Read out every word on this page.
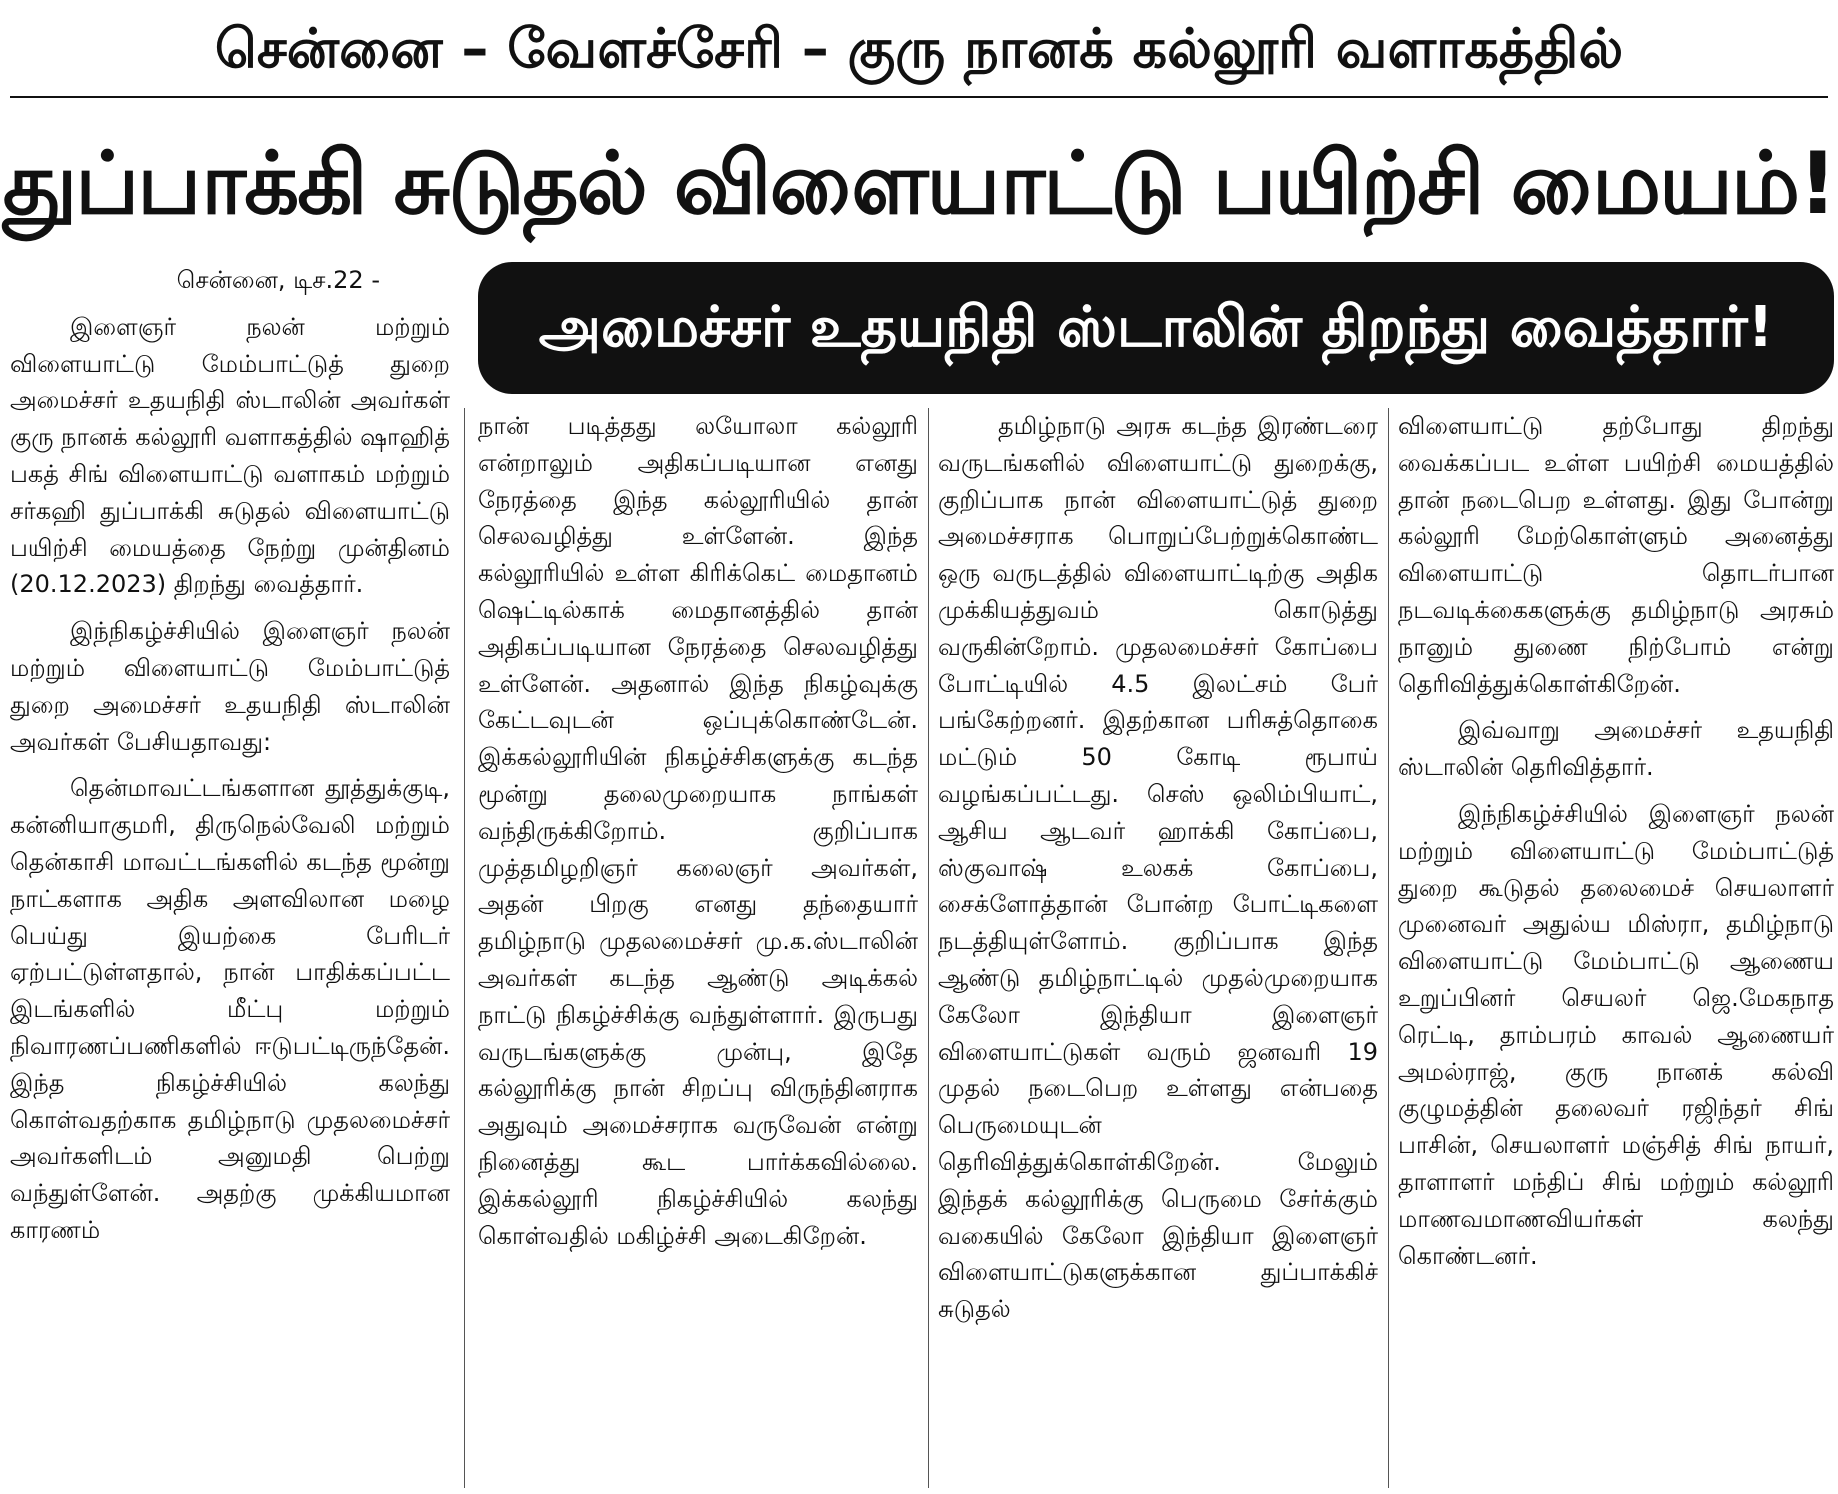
சென்னை – வேளச்சேரி – குரு நானக் கல்லூரி வளாகத்தில்
துப்பாக்கி சுடுதல் விளையாட்டு பயிற்சி மையம்!
அமைச்சர் உதயநிதி ஸ்டாலின் திறந்து வைத்தார்!

சென்னை, டிச.22 -

இளைஞர் நலன் மற்றும் விளையாட்டு மேம்பாட்டுத் துறை அமைச்சர் உதயநிதி ஸ்டாலின் அவர்கள் குரு நானக் கல்லூரி வளாகத்தில் ஷாஹித் பகத் சிங் விளையாட்டு வளாகம் மற்றும் சர்கஹி துப்பாக்கி சுடுதல் விளையாட்டு பயிற்சி மையத்தை நேற்று முன்தினம் (20.12.2023) திறந்து வைத்தார்.

இந்நிகழ்ச்சியில் இளைஞர் நலன் மற்றும் விளையாட்டு மேம்பாட்டுத் துறை அமைச்சர் உதயநிதி ஸ்டாலின் அவர்கள் பேசியதாவது:

தென்மாவட்டங்களான தூத்துக்குடி, கன்னியாகுமரி, திருநெல்வேலி மற்றும் தென்காசி மாவட்டங்களில் கடந்த மூன்று நாட்களாக அதிக அளவிலான மழை பெய்து இயற்கை பேரிடர் ஏற்பட்டுள்ளதால், நான் பாதிக்கப்பட்ட இடங்களில் மீட்பு மற்றும் நிவாரணப்பணிகளில் ஈடுபட்டிருந்தேன். இந்த நிகழ்ச்சியில் கலந்து கொள்வதற்காக தமிழ்நாடு முதலமைச்சர் அவர்களிடம் அனுமதி பெற்று வந்துள்ளேன். அதற்கு முக்கியமான காரணம்

நான் படித்தது லயோலா கல்லூரி என்றாலும் அதிகப்படியான எனது நேரத்தை இந்த கல்லூரியில் தான் செலவழித்து உள்ளேன். இந்த கல்லூரியில் உள்ள கிரிக்கெட் மைதானம் ஷெட்டில்காக் மைதானத்தில் தான் அதிகப்படியான நேரத்தை செலவழித்து உள்ளேன். அதனால் இந்த நிகழ்வுக்கு கேட்டவுடன் ஒப்புக்கொண்டேன். இக்கல்லூரியின் நிகழ்ச்சிகளுக்கு கடந்த மூன்று தலைமுறையாக நாங்கள் வந்திருக்கிறோம். குறிப்பாக முத்தமிழறிஞர் கலைஞர் அவர்கள், அதன் பிறகு எனது தந்தையார் தமிழ்நாடு முதலமைச்சர் மு.க.ஸ்டாலின் அவர்கள் கடந்த ஆண்டு அடிக்கல் நாட்டு நிகழ்ச்சிக்கு வந்துள்ளார். இருபது வருடங்களுக்கு முன்பு, இதே கல்லூரிக்கு நான் சிறப்பு விருந்தினராக அதுவும் அமைச்சராக வருவேன் என்று நினைத்து கூட பார்க்கவில்லை. இக்கல்லூரி நிகழ்ச்சியில் கலந்து கொள்வதில் மகிழ்ச்சி அடைகிறேன்.

தமிழ்நாடு அரசு கடந்த இரண்டரை வருடங்களில் விளையாட்டு துறைக்கு, குறிப்பாக நான் விளையாட்டுத் துறை அமைச்சராக பொறுப்பேற்றுக்கொண்ட ஒரு வருடத்தில் விளையாட்டிற்கு அதிக முக்கியத்துவம் கொடுத்து வருகின்றோம். முதலமைச்சர் கோப்பை போட்டியில் 4.5 இலட்சம் பேர் பங்கேற்றனர். இதற்கான பரிசுத்தொகை மட்டும் 50 கோடி ரூபாய் வழங்கப்பட்டது. செஸ் ஒலிம்பியாட், ஆசிய ஆடவர் ஹாக்கி கோப்பை, ஸ்குவாஷ் உலகக் கோப்பை, சைக்ளோத்தான் போன்ற போட்டிகளை நடத்தியுள்ளோம். குறிப்பாக இந்த ஆண்டு தமிழ்நாட்டில் முதல்முறையாக கேலோ இந்தியா இளைஞர் விளையாட்டுகள் வரும் ஜனவரி 19 முதல் நடைபெற உள்ளது என்பதை பெருமையுடன் தெரிவித்துக்கொள்கிறேன். மேலும் இந்தக் கல்லூரிக்கு பெருமை சேர்க்கும் வகையில் கேலோ இந்தியா இளைஞர் விளையாட்டுகளுக்கான துப்பாக்கிச் சுடுதல்

விளையாட்டு தற்போது திறந்து வைக்கப்பட உள்ள பயிற்சி மையத்தில் தான் நடைபெற உள்ளது. இது போன்று கல்லூரி மேற்கொள்ளும் அனைத்து விளையாட்டு தொடர்பான நடவடிக்கைகளுக்கு தமிழ்நாடு அரசும் நானும் துணை நிற்போம் என்று தெரிவித்துக்கொள்கிறேன்.

இவ்வாறு அமைச்சர் உதயநிதி ஸ்டாலின் தெரிவித்தார்.

இந்நிகழ்ச்சியில் இளைஞர் நலன் மற்றும் விளையாட்டு மேம்பாட்டுத் துறை கூடுதல் தலைமைச் செயலாளர் முனைவர் அதுல்ய மிஸ்ரா, தமிழ்நாடு விளையாட்டு மேம்பாட்டு ஆணைய உறுப்பினர் செயலர் ஜெ.மேகநாத ரெட்டி, தாம்பரம் காவல் ஆணையர் அமல்ராஜ், குரு நானக் கல்வி குழுமத்தின் தலைவர் ரஜிந்தர் சிங் பாசின், செயலாளர் மஞ்சித் சிங் நாயர், தாளாளர் மந்திப் சிங் மற்றும் கல்லூரி மாணவமாணவியர்கள் கலந்து கொண்டனர்.
